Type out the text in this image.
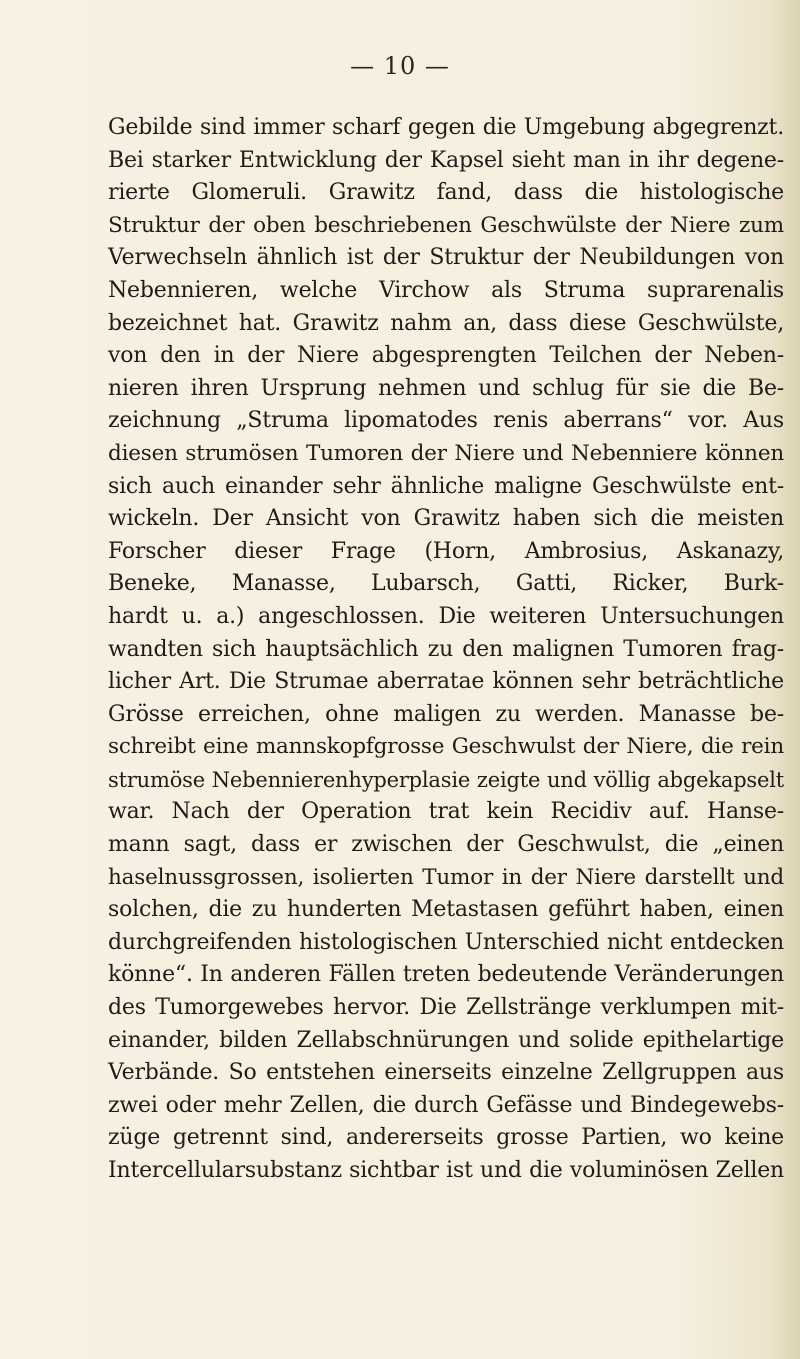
— 10 —
Gebilde sind immer scharf gegen die Umgebung abgegrenzt.
Bei starker Entwicklung der Kapsel sieht man in ihr degene-
rierte Glomeruli. Grawitz fand, dass die histologische
Struktur der oben beschriebenen Geschwülste der Niere zum
Verwechseln ähnlich ist der Struktur der Neubildungen von
Nebennieren, welche Virchow als Struma suprarenalis
bezeichnet hat. Grawitz nahm an, dass diese Geschwülste,
von den in der Niere abgesprengten Teilchen der Neben-
nieren ihren Ursprung nehmen und schlug für sie die Be-
zeichnung „Struma lipomatodes renis aberrans“ vor. Aus
diesen strumösen Tumoren der Niere und Nebenniere können
sich auch einander sehr ähnliche maligne Geschwülste ent-
wickeln. Der Ansicht von Grawitz haben sich die meisten
Forscher dieser Frage (Horn, Ambrosius, Askanazy,
Beneke, Manasse, Lubarsch, Gatti, Ricker, Burk-
hardt u. a.) angeschlossen. Die weiteren Untersuchungen
wandten sich hauptsächlich zu den malignen Tumoren frag-
licher Art. Die Strumae aberratae können sehr beträchtliche
Grösse erreichen, ohne maligen zu werden. Manasse be-
schreibt eine mannskopfgrosse Geschwulst der Niere, die rein
strumöse Nebennierenhyperplasie zeigte und völlig abgekapselt
war. Nach der Operation trat kein Recidiv auf. Hanse-
mann sagt, dass er zwischen der Geschwulst, die „einen
haselnussgrossen, isolierten Tumor in der Niere darstellt und
solchen, die zu hunderten Metastasen geführt haben, einen
durchgreifenden histologischen Unterschied nicht entdecken
könne“. In anderen Fällen treten bedeutende Veränderungen
des Tumorgewebes hervor. Die Zellstränge verklumpen mit-
einander, bilden Zellabschnürungen und solide epithelartige
Verbände. So entstehen einerseits einzelne Zellgruppen aus
zwei oder mehr Zellen, die durch Gefässe und Bindegewebs-
züge getrennt sind, andererseits grosse Partien, wo keine
Intercellularsubstanz sichtbar ist und die voluminösen Zellen
